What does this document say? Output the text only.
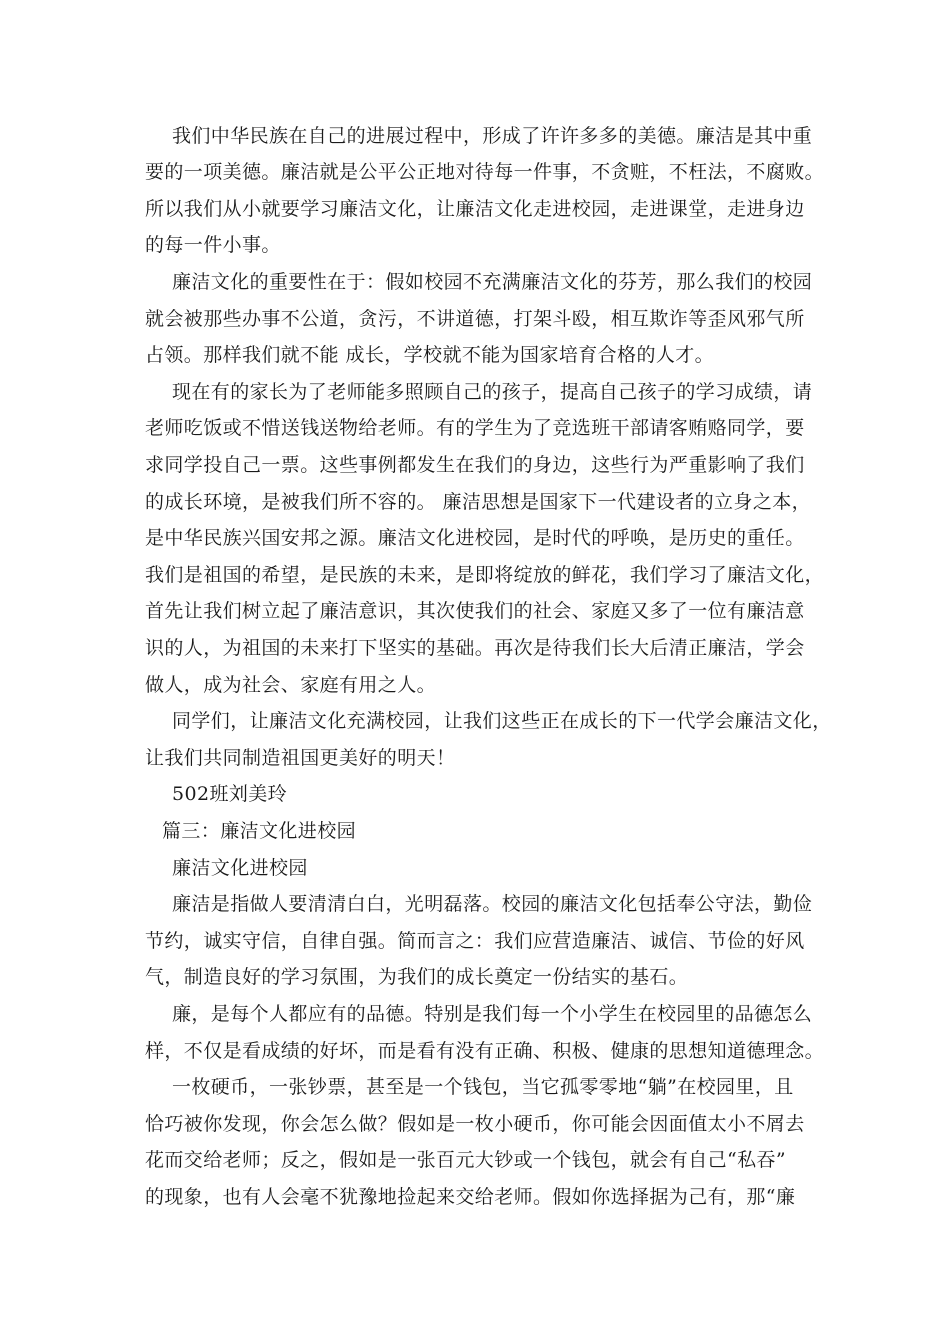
我们中华民族在自己的进展过程中，形成了许许多多的美德。廉洁是其中重
要的一项美德。廉洁就是公平公正地对待每一件事，不贪赃，不枉法，不腐败。
所以我们从小就要学习廉洁文化，让廉洁文化走进校园，走进课堂，走进身边
的每一件小事。
廉洁文化的重要性在于：假如校园不充满廉洁文化的芬芳，那么我们的校园
就会被那些办事不公道，贪污，不讲道德，打架斗殴，相互欺诈等歪风邪气所
占领。那样我们就不能 成长，学校就不能为国家培育合格的人才。
现在有的家长为了老师能多照顾自己的孩子，提高自己孩子的学习成绩，请
老师吃饭或不惜送钱送物给老师。有的学生为了竞选班干部请客贿赂同学，要
求同学投自己一票。这些事例都发生在我们的身边，这些行为严重影响了我们
的成长环境，是被我们所不容的。 廉洁思想是国家下一代建设者的立身之本，
是中华民族兴国安邦之源。廉洁文化进校园，是时代的呼唤，是历史的重任。
我们是祖国的希望，是民族的未来，是即将绽放的鲜花，我们学习了廉洁文化，
首先让我们树立起了廉洁意识，其次使我们的社会、家庭又多了一位有廉洁意
识的人，为祖国的未来打下坚实的基础。再次是待我们长大后清正廉洁，学会
做人，成为社会、家庭有用之人。
同学们，让廉洁文化充满校园，让我们这些正在成长的下一代学会廉洁文化，
让我们共同制造祖国更美好的明天！
502班刘美玲
篇三：廉洁文化进校园
廉洁文化进校园
廉洁是指做人要清清白白，光明磊落。校园的廉洁文化包括奉公守法，勤俭
节约，诚实守信，自律自强。简而言之：我们应营造廉洁、诚信、节俭的好风
气，制造良好的学习氛围，为我们的成长奠定一份结实的基石。
廉，是每个人都应有的品德。特别是我们每一个小学生在校园里的品德怎么
样，不仅是看成绩的好坏，而是看有没有正确、积极、健康的思想知道德理念。
一枚硬币，一张钞票，甚至是一个钱包，当它孤零零地“躺”在校园里，且
恰巧被你发现，你会怎么做？假如是一枚小硬币，你可能会因面值太小不屑去
花而交给老师；反之，假如是一张百元大钞或一个钱包，就会有自己“私吞”
的现象，也有人会毫不犹豫地捡起来交给老师。假如你选择据为己有，那“廉
